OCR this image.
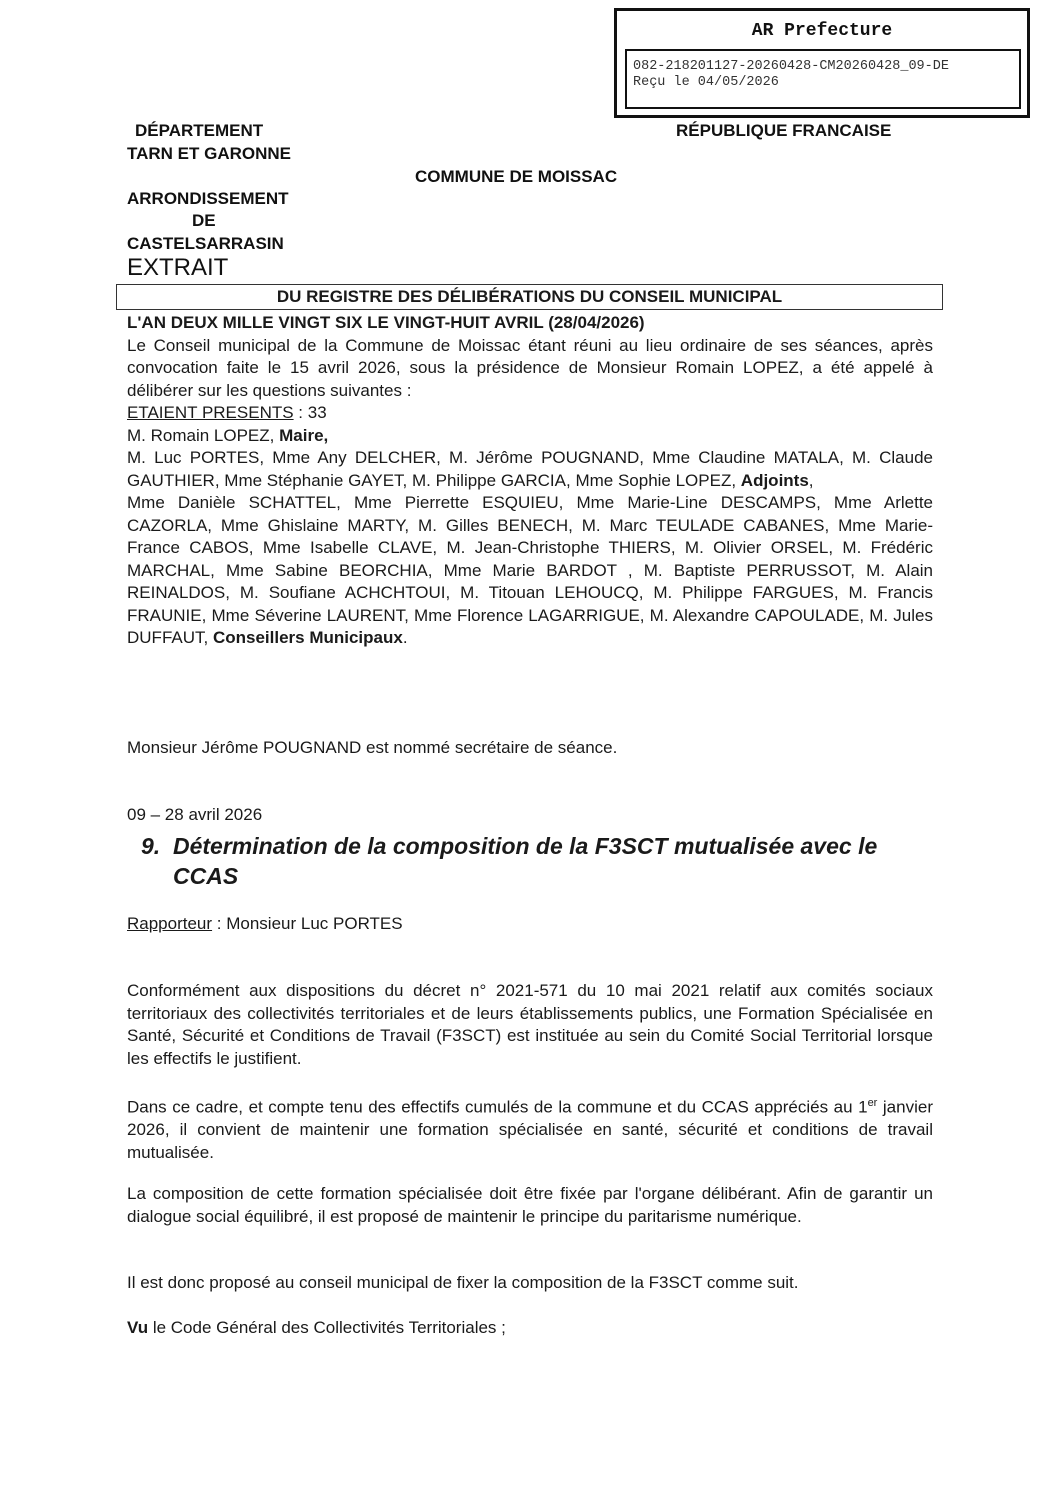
AR Prefecture
082-218201127-20260428-CM20260428_09-DE
Reçu le 04/05/2026
DÉPARTEMENT
TARN ET GARONNE
RÉPUBLIQUE FRANCAISE
COMMUNE DE MOISSAC
ARRONDISSEMENT
DE
CASTELSARRASIN
EXTRAIT
DU REGISTRE DES DÉLIBÉRATIONS DU CONSEIL MUNICIPAL

L'AN DEUX MILLE VINGT SIX LE VINGT-HUIT AVRIL (28/04/2026)

Le Conseil municipal de la Commune de Moissac étant réuni au lieu ordinaire de ses séances, après convocation faite le 15 avril 2026, sous la présidence de Monsieur Romain LOPEZ, a été appelé à délibérer sur les questions suivantes :

ETAIENT PRESENTS : 33

M. Romain LOPEZ, Maire,

M. Luc PORTES, Mme Any DELCHER, M. Jérôme POUGNAND, Mme Claudine MATALA, M. Claude GAUTHIER, Mme Stéphanie GAYET, M. Philippe GARCIA, Mme Sophie LOPEZ, Adjoints,

Mme Danièle SCHATTEL, Mme Pierrette ESQUIEU, Mme Marie-Line DESCAMPS, Mme Arlette CAZORLA, Mme Ghislaine MARTY, M. Gilles BENECH, M. Marc TEULADE CABANES, Mme Marie-France CABOS, Mme Isabelle CLAVE, M. Jean-Christophe THIERS, M. Olivier ORSEL, M. Frédéric MARCHAL, Mme Sabine BEORCHIA, Mme Marie BARDOT , M. Baptiste PERRUSSOT, M. Alain REINALDOS, M. Soufiane ACHCHTOUI, M. Titouan LEHOUCQ, M. Philippe FARGUES, M. Francis FRAUNIE, Mme Séverine LAURENT, Mme Florence LAGARRIGUE, M. Alexandre CAPOULADE, M. Jules DUFFAUT, Conseillers Municipaux.

Monsieur Jérôme POUGNAND est nommé secrétaire de séance.
09 – 28 avril 2026
9. Détermination de la composition de la F3SCT mutualisée avec le
CCAS
Rapporteur : Monsieur Luc PORTES
Conformément aux dispositions du décret n° 2021-571 du 10 mai 2021 relatif aux comités sociaux territoriaux des collectivités territoriales et de leurs établissements publics, une Formation Spécialisée en Santé, Sécurité et Conditions de Travail (F3SCT) est instituée au sein du Comité Social Territorial lorsque les effectifs le justifient.
Dans ce cadre, et compte tenu des effectifs cumulés de la commune et du CCAS appréciés au 1er janvier 2026, il convient de maintenir une formation spécialisée en santé, sécurité et conditions de travail mutualisée.
La composition de cette formation spécialisée doit être fixée par l'organe délibérant. Afin de garantir un dialogue social équilibré, il est proposé de maintenir le principe du paritarisme numérique.
Il est donc proposé au conseil municipal de fixer la composition de la F3SCT comme suit.
Vu le Code Général des Collectivités Territoriales ;
